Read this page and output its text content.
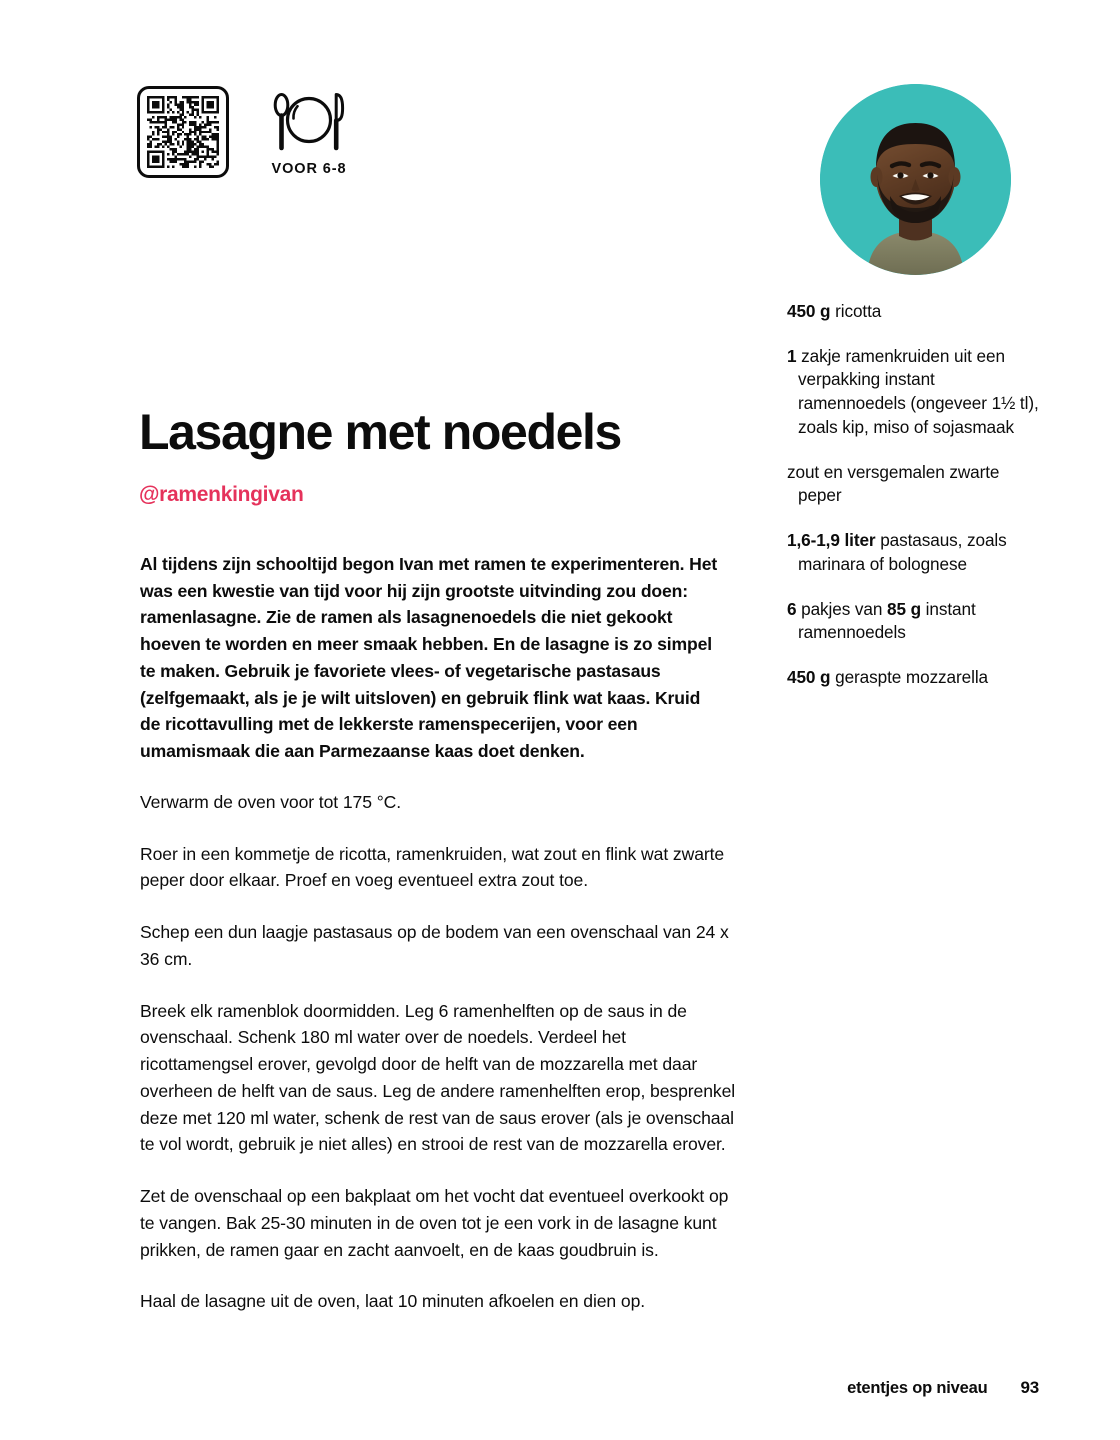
VOOR 6-8
Lasagne met noedels

@ramenkingivan

Al tijdens zijn schooltijd begon Ivan met ramen te experimenteren. Het was een kwestie van tijd voor hij zijn grootste uitvinding zou doen: ramenlasagne. Zie de ramen als lasagnenoedels die niet gekookt hoeven te worden en meer smaak hebben. En de lasagne is zo simpel te maken. Gebruik je favoriete vlees- of vegetarische pastasaus (zelfgemaakt, als je je wilt uitsloven) en gebruik flink wat kaas. Kruid de ricottavulling met de lekkerste ramenspecerijen, voor een umamismaak die aan Parmezaanse kaas doet denken.

Verwarm de oven voor tot 175 °C.

Roer in een kommetje de ricotta, ramenkruiden, wat zout en flink wat zwarte peper door elkaar. Proef en voeg eventueel extra zout toe.

Schep een dun laagje pastasaus op de bodem van een ovenschaal van 24 x 36 cm.

Breek elk ramenblok doormidden. Leg 6 ramenhelften op de saus in de ovenschaal. Schenk 180 ml water over de noedels. Verdeel het ricottamengsel erover, gevolgd door de helft van de mozzarella met daar overheen de helft van de saus. Leg de andere ramenhelften erop, besprenkel deze met 120 ml water, schenk de rest van de saus erover (als je ovenschaal te vol wordt, gebruik je niet alles) en strooi de rest van de mozzarella erover.

Zet de ovenschaal op een bakplaat om het vocht dat eventueel overkookt op te vangen. Bak 25-30 minuten in de oven tot je een vork in de lasagne kunt prikken, de ramen gaar en zacht aanvoelt, en de kaas goudbruin is.

Haal de lasagne uit de oven, laat 10 minuten afkoelen en dien op.

450 g ricotta

1 zakje ramenkruiden uit een verpakking instant ramennoedels (ongeveer 1½ tl), zoals kip, miso of sojasmaak

zout en versgemalen zwarte peper

1,6-1,9 liter pastasaus, zoals marinara of bolognese

6 pakjes van 85 g instant ramennoedels

450 g geraspte mozzarella

etentjes op niveau 93
